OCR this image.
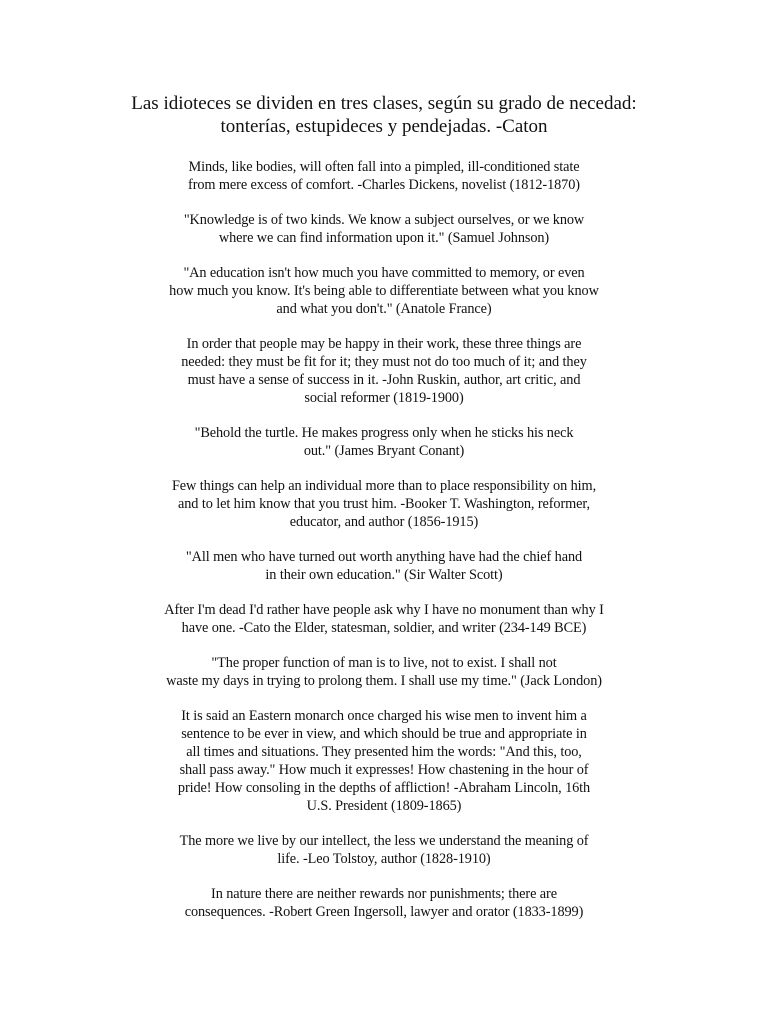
Las idioteces se dividen en tres clases, según su grado de necedad:
tonterías, estupideces y pendejadas. -Caton
Minds, like bodies, will often fall into a pimpled, ill-conditioned state
from mere excess of comfort. -Charles Dickens, novelist (1812-1870)
"Knowledge is of two kinds. We know a subject ourselves, or we know
where we can find information upon it." (Samuel Johnson)
"An education isn't how much you have committed to memory, or even
how much you know. It's being able to differentiate between what you know
and what you don't." (Anatole France)
In order that people may be happy in their work, these three things are
needed: they must be fit for it; they must not do too much of it; and they
must have a sense of success in it. -John Ruskin, author, art critic, and
social reformer (1819-1900)
"Behold the turtle. He makes progress only when he sticks his neck
out." (James Bryant Conant)
Few things can help an individual more than to place responsibility on him,
and to let him know that you trust him. -Booker T. Washington, reformer,
educator, and author (1856-1915)
"All men who have turned out worth anything have had the chief hand
in their own education." (Sir Walter Scott)
After I'm dead I'd rather have people ask why I have no monument than why I
have one. -Cato the Elder, statesman, soldier, and writer (234-149 BCE)
"The proper function of man is to live, not to exist. I shall not
waste my days in trying to prolong them. I shall use my time." (Jack London)
It is said an Eastern monarch once charged his wise men to invent him a
sentence to be ever in view, and which should be true and appropriate in
all times and situations. They presented him the words: "And this, too,
shall pass away." How much it expresses! How chastening in the hour of
pride! How consoling in the depths of affliction! -Abraham Lincoln, 16th
U.S. President (1809-1865)
The more we live by our intellect, the less we understand the meaning of
life. -Leo Tolstoy, author (1828-1910)
In nature there are neither rewards nor punishments; there are
consequences. -Robert Green Ingersoll, lawyer and orator (1833-1899)
